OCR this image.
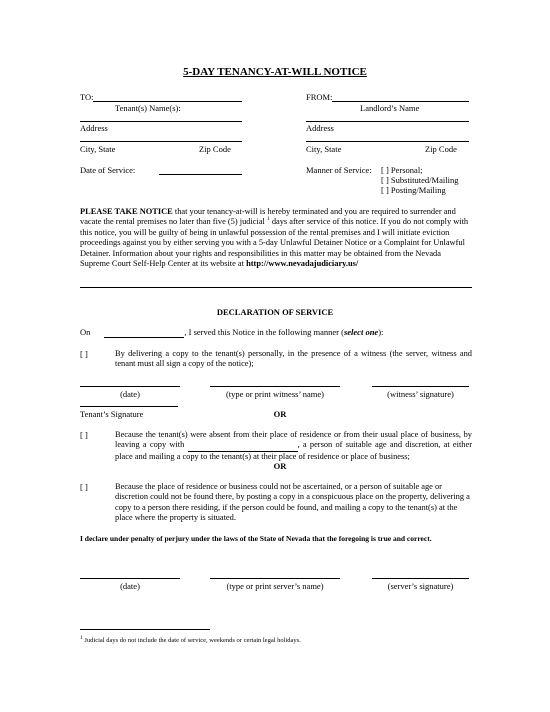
5-DAY TENANCY-AT-WILL NOTICE
TO:
Tenant(s) Name(s):
FROM:
Landlord’s Name
Address	Address
City, State	Zip Code	City, State	Zip Code
Date of Service:	Manner of Service: [ ] Personal;
[ ] Substituted/Mailing
[ ] Posting/Mailing
PLEASE TAKE NOTICE that your tenancy-at-will is hereby terminated and you are required to surrender and vacate the rental premises no later than five (5) judicial $^1$ days after service of this notice. If you do not comply with this notice, you will be guilty of being in unlawful possession of the rental premises and I will initiate eviction proceedings against you by either serving you with a 5-day Unlawful Detainer Notice or a Complaint for Unlawful Detainer. Information about your rights and responsibilities in this matter may be obtained from the Nevada Supreme Court Self-Help Center at its website at http://www.nevadajudiciary.us/
DECLARATION OF SERVICE
On	, I served this Notice in the following manner (select one):
[ ]	By delivering a copy to the tenant(s) personally, in the presence of a witness (the server, witness and tenant must all sign a copy of the notice);
(date)	(type or print witness’ name)	(witness’ signature)
Tenant’s Signature	OR
[ ]	Because the tenant(s) were absent from their place of residence or from their usual place of business, by leaving a copy with	, a person of suitable age and discretion, at either place and mailing a copy to the tenant(s) at their place of residence or place of business;
OR
[ ]	Because the place of residence or business could not be ascertained, or a person of suitable age or discretion could not be found there, by posting a copy in a conspicuous place on the property, delivering a copy to a person there residing, if the person could be found, and mailing a copy to the tenant(s) at the place where the property is situated.
I declare under penalty of perjury under the laws of the State of Nevada that the foregoing is true and correct.
(date)	(type or print server’s name)	(server’s signature)
$^1$ Judicial days do not include the date of service, weekends or certain legal holidays.
